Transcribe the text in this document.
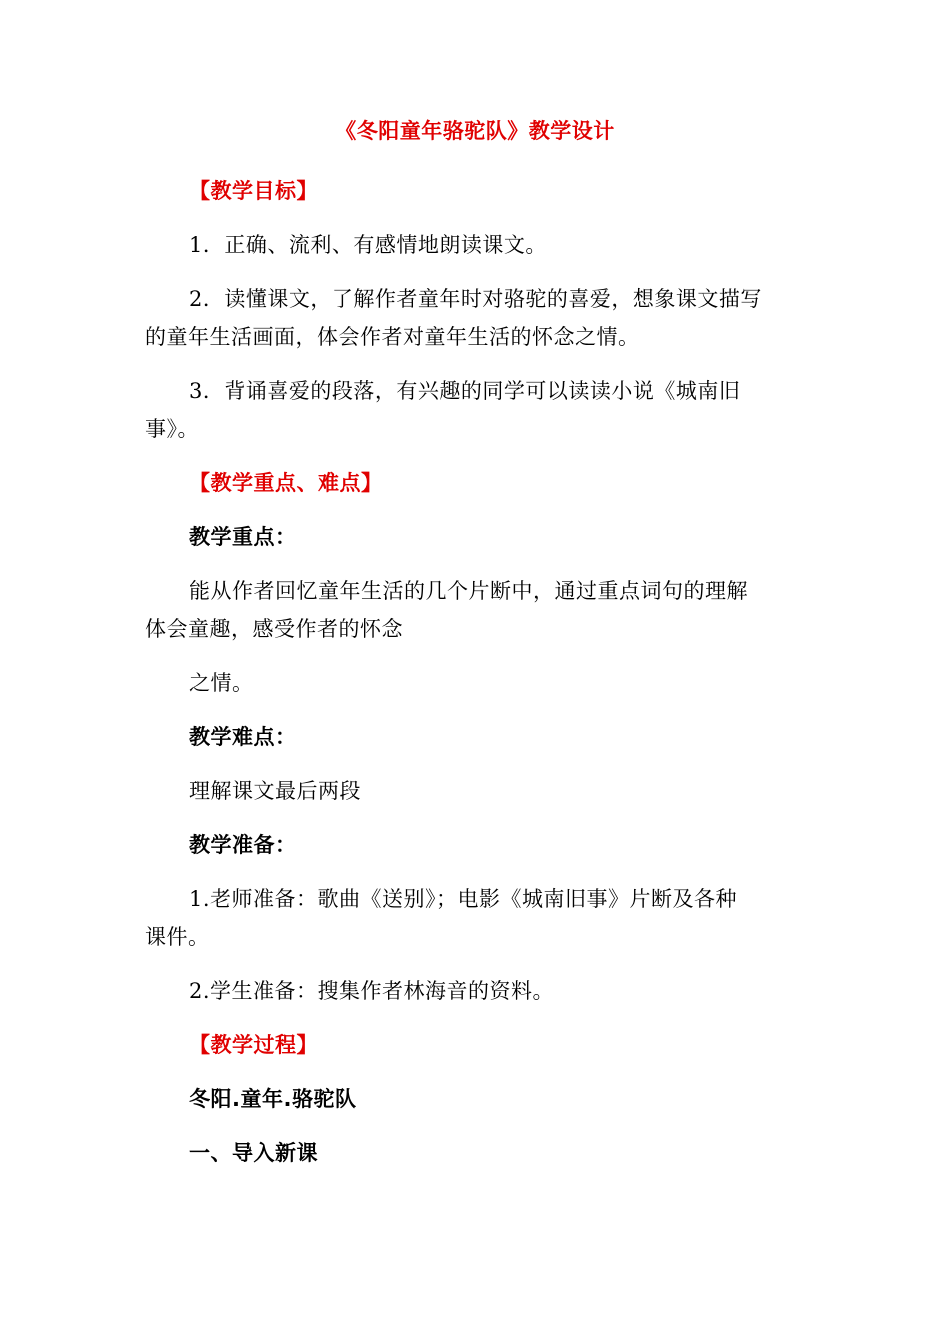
《冬阳童年骆驼队》教学设计
【教学目标】
1．正确、流利、有感情地朗读课文。
2．读懂课文，了解作者童年时对骆驼的喜爱，想象课文描写
的童年生活画面，体会作者对童年生活的怀念之情。
3．背诵喜爱的段落，有兴趣的同学可以读读小说《城南旧
事》。
【教学重点、难点】
教学重点：
能从作者回忆童年生活的几个片断中，通过重点词句的理解
体会童趣，感受作者的怀念
之情。
教学难点：
理解课文最后两段
教学准备：
1.老师准备：歌曲《送别》；电影《城南旧事》片断及各种
课件。
2.学生准备：搜集作者林海音的资料。
【教学过程】
冬阳.童年.骆驼队
一、导入新课
